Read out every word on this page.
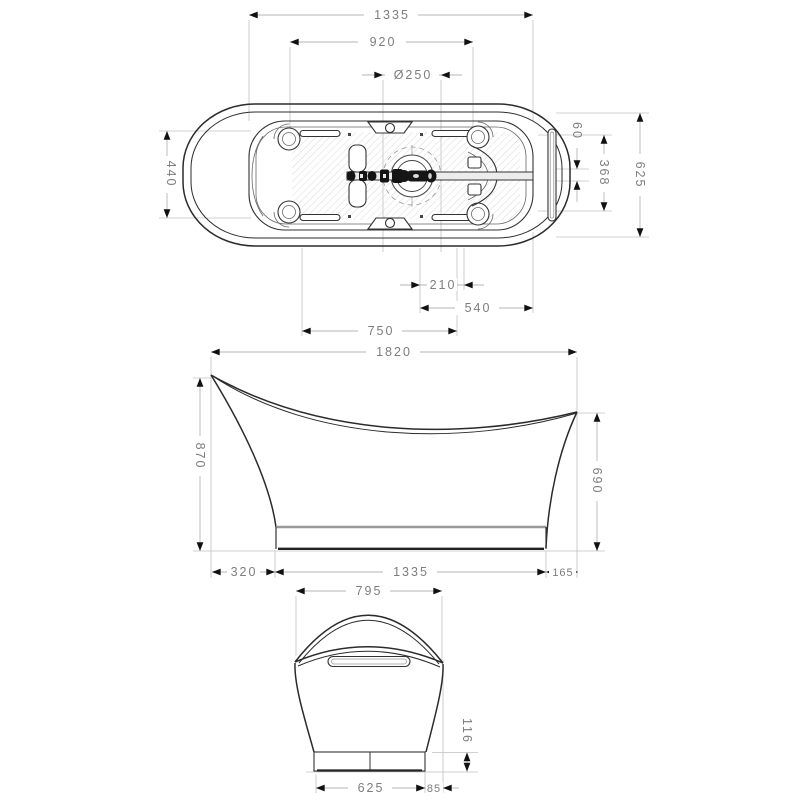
1335
920
Ø250
440
60
368 625
210
540
750
1820
870
690
320	1335	165
795
116
625	85
